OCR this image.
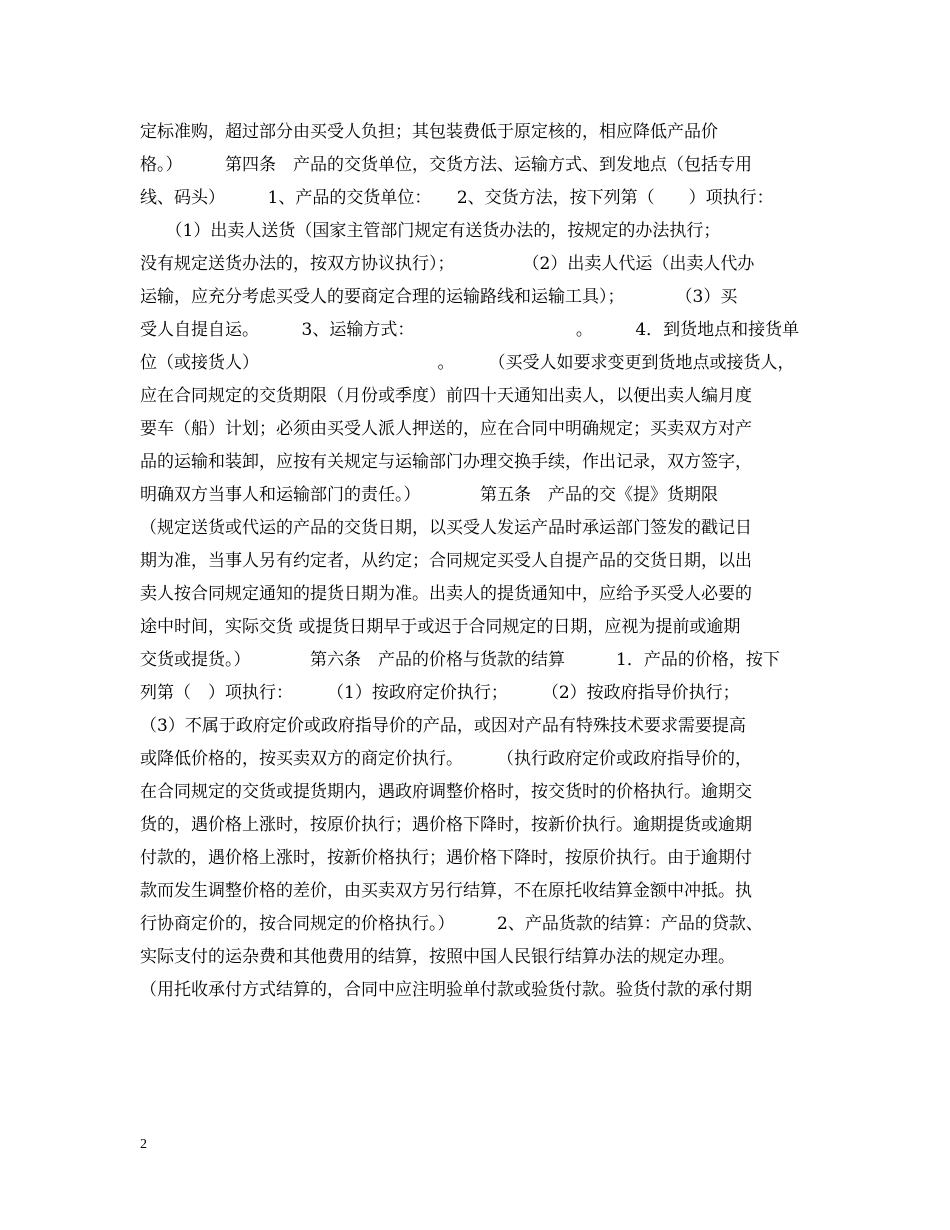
定标准购，超过部分由买受人负担；其包装费低于原定核的，相应降低产品价
格。）　　　第四条　产品的交货单位，交货方法、运输方式、到发地点（包括专用
线、码头）　　　1、产品的交货单位：　　2、交货方法，按下列第（　　）项执行：
　　（1）出卖人送货（国家主管部门规定有送货办法的，按规定的办法执行；
没有规定送货办法的，按双方协议执行）；　　　　　（2）出卖人代运（出卖人代办
运输，应充分考虑买受人的要商定合理的运输路线和运输工具）；　　　　（3）买
受人自提自运。　　　3、运输方式：　　　　　　　　　　。　　　4．到货地点和接货单
位（或接货人）　　　　　　　　　　　。　　　（买受人如要求变更到货地点或接货人，
应在合同规定的交货期限（月份或季度）前四十天通知出卖人，以便出卖人编月度
要车（船）计划；必须由买受人派人押送的，应在合同中明确规定；买卖双方对产
品的运输和装卸，应按有关规定与运输部门办理交换手续，作出记录，双方签字，
明确双方当事人和运输部门的责任。）　　　　第五条　产品的交《提》货期限
（规定送货或代运的产品的交货日期，以买受人发运产品时承运部门签发的戳记日
期为准，当事人另有约定者，从约定；合同规定买受人自提产品的交货日期，以出
卖人按合同规定通知的提货日期为准。出卖人的提货通知中，应给予买受人必要的
途中时间，实际交货 或提货日期早于或迟于合同规定的日期，应视为提前或逾期
交货或提货。）　　　　第六条　产品的价格与货款的结算　　　1．产品的价格，按下
列第（　）项执行：　　　（1）按政府定价执行；　　　（2）按政府指导价执行；
（3）不属于政府定价或政府指导价的产品，或因对产品有特殊技术要求需要提高
或降低价格的，按买卖双方的商定价执行。　　　（执行政府定价或政府指导价的，
在合同规定的交货或提货期内，遇政府调整价格时，按交货时的价格执行。逾期交
货的，遇价格上涨时，按原价执行；遇价格下降时，按新价执行。逾期提货或逾期
付款的，遇价格上涨时，按新价格执行；遇价格下降时，按原价执行。由于逾期付
款而发生调整价格的差价，由买卖双方另行结算，不在原托收结算金额中冲抵。执
行协商定价的，按合同规定的价格执行。）　　　2、产品货款的结算：产品的贷款、
实际支付的运杂费和其他费用的结算，按照中国人民银行结算办法的规定办理。
（用托收承付方式结算的，合同中应注明验单付款或验货付款。验货付款的承付期
2
